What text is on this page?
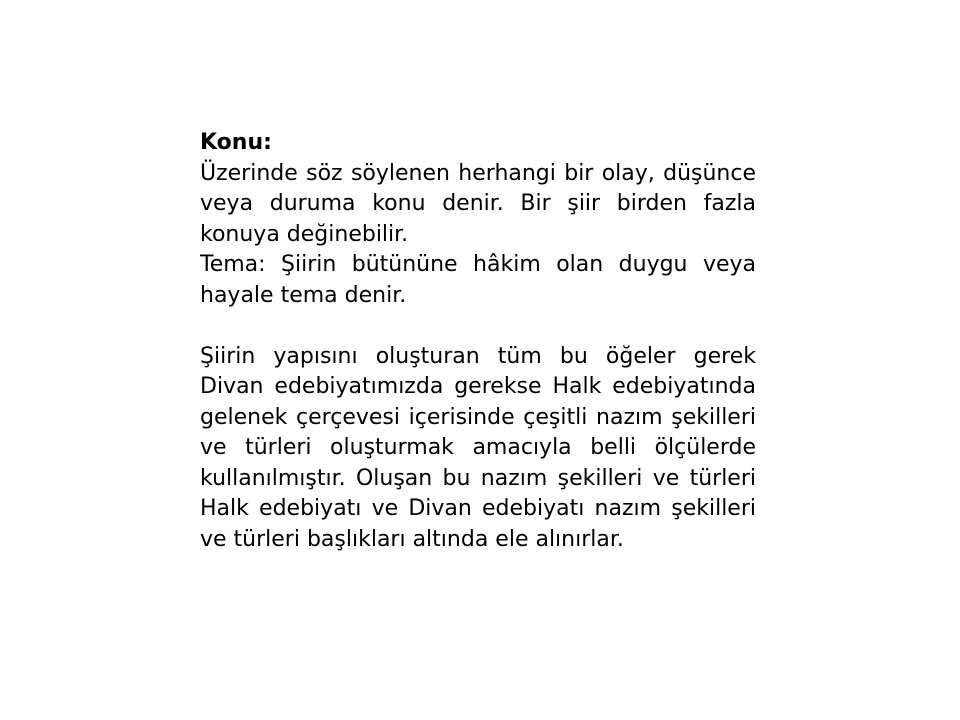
Konu:

Üzerinde söz söylenen herhangi bir olay, düşünce veya duruma konu denir. Bir şiir birden fazla konuya değinebilir.

Tema: Şiirin bütününe hâkim olan duygu veya hayale tema denir.

Şiirin yapısını oluşturan tüm bu öğeler gerek Divan edebiyatımızda gerekse Halk edebiyatında gelenek çerçevesi içerisinde çeşitli nazım şekilleri ve türleri oluşturmak amacıyla belli ölçülerde kullanılmıştır. Oluşan bu nazım şekilleri ve türleri Halk edebiyatı ve Divan edebiyatı nazım şekilleri ve türleri başlıkları altında ele alınırlar.
